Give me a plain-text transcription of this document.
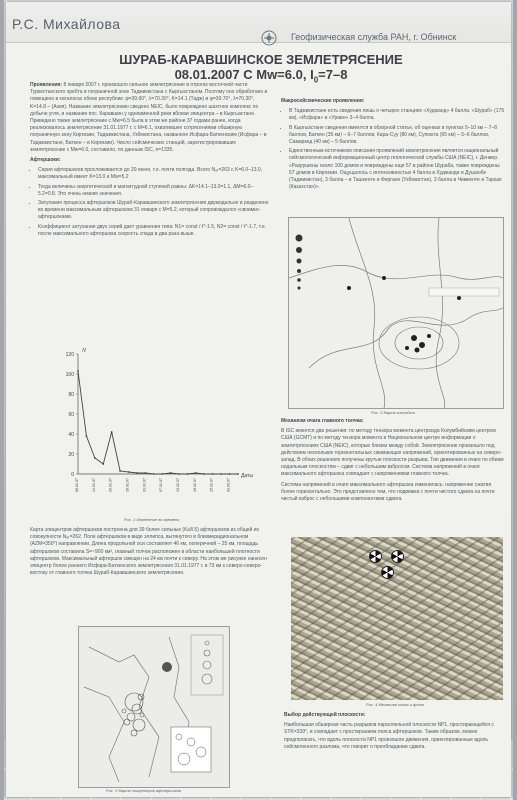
Р.С. Михайлова
Геофизическая служба РАН, г. Обнинск
ШУРАБ-КАРАВШИНСКОЕ ЗЕМЛЕТРЯСЕНИЕ
08.01.2007 С Mw=6.0, $I_0=7-8$

Проявления: 8 января 2007 г. произошло сильное землетрясение в отрогах восточной части Туркестанского хребта в пограничной зоне Таджикистана с Кыргызстаном. Поэтому оно обработано и помещено в каталогах обеих республик: φ=39.60°, λ=70.30°, K=14.1 (Тадж) и φ=39.70°, λ=70.30°, K=14.8 – (Азия). Название землетрясению сведено NEIC, было повреждено шахтное комплекс по добыче угля, и название пос. Каравшин у одноименной реки вблизи эпицентра – в Кыргызстане. Приведено также землетрясение с Mw=6.5 была в этом же районе 37 годами ранее, когда реализовалось землетрясение 31.01.1977 г. с M=6.1, охватившее сотрясениями обширную пограничную зону Киргизии, Таджикистана, Узбекистана, названное Исфара-Баткенским (Исфара – в Таджикистане, Баткен – в Киргизии). Число сейсмических станций, зарегистрировавших землетрясение с Mw=6.0, составило, по данным ISC, n=1335.

Афтершоки:

• Серия афтершоков прослеживается до 20 июня, т.е. почти полгода. Всего Nₐₜ=263 с K=6.0–13.0, максимальный имеет K=13.0 и Mw=5.2
• Тогда величины энергетической и магнитудной ступеней равны: ΔK=14.1–13.0=1.1, ΔM=6.0–5.2=0.8. Это очень низкие значения.
• Затухание процесса афтершоков Шураб-Каравшинского землетрясения двумодально и разделено во времени максимальным афтершоком 31 января с M=5.2, который сопровождался «своими» афтершоками.
• Коэффициент затухания двух серий дает уравнения типа: N1= const / t^-1.5, N2= const / t^-1.7, т.е. после максимального афтершока скорость спада в два раза выше.
0
20
40
60
80
100
120
N
Даты
08.01.07	14.01.07	20.01.07	26.01.07	01.02.07	07.02.07	13.02.07	19.02.07	25.02.07	03.03.07
Рис. 1 Изменение во времени
Карта эпицентров афтершоков построена для 39 более сильных (K≥8.5) афтершоков из общей их совокупности Nₐₜ=262. Поле афтершоков в виде эллипса, вытянутого в близмеридиональном (AZM=350°) направлении. Длина продольной оси составляет 46 км, поперечной – 25 км, площадь афтершоков составила S=~900 км², главный толчок расположен в области наибольшей плотности афтершоков. Максимальный афтершок смещен на 24 км почти к северу. На этом же рисунке нанесен эпицентр более раннего Исфара-Баткенского землетрясения 31.01.1977 г. в 73 км к северо-северо-востоку от главного толчка Шураб-Каравшинского землетрясения.
Рис. 3 Карта эпицентров афтершоков

Макросейсмические проявления:

• В Таджикистане есть сведения лишь о четырех станциях «Худжанд» 4 балла, «Шураб» (175 км), «Исфара» и «Уравн» 3–4 балла.
• В Кыргызстане сведения имеются в обзорной статье, об оценках в пунктах 5–10 км – 7–8 баллов, Баткен (35 км) – 6–7 баллов, Кара-Суу (80 км), Сулюкта (65 км) – 5–6 баллов, Самаркнд (40 км) – 5 баллов.
• Единственным источником описания проявлений землетрясения является национальный сейсмологический информационный центр геологической службы США (NEIC), г. Денвер. «Разрушены около 100 домов и повреждены еще 57 в районе Шураба, также повреждены 57 домов в Киргизии. Ощущалось с интенсивностью 4 балла в Худжанде и Душанбе (Таджикистан), 3 балла – в Ташкенте и Фергане (Узбекистан), 3 балла в Чимкенте и Таразе (Казахстан)».
Рис. 2 Карта изосейст

Механизм очага главного толчка:

В ISC имеется два решения: по методу тензора момента центроида Колумбийским центром США (GCMT) и по методу тензора момента в Национальном центре информации о землетрясениях США (NEIC), которые близки между собой. Землетрясение произошло под действием нескольких горизонтальных сжимающих напряжений, ориентированных на северо-запад. В обоих решениях получены крутые плоскости разрыва. Тип движения в очаге по обеим нодальным плоскостям – сдвиг с небольшим взбросом. Система напряжений в очаге максимального афтершока совпадает с напряжениями главного толчка.

Система напряжений в очаге максимального афтершока изменилась: напряжение сжатия более горизонтально. Это представлено тем, что подвижка с почти чистого сдвига на почти чистый взброс с небольшими компонентами сдвига.

Рис. 4 Механизм очага и фото

Выбор действующей плоскости:

Наибольшая обширная часть разрывов параллельной плоскости NP1, простирающейся с STK=339°, и совпадает с простиранием пояса афтершоков. Таким образом, можно предполагать, что вдоль плоскости NP1 произошли движения, ориентированные вдоль сейсмогенного разлома, что говорит о преобладании сдвига.
